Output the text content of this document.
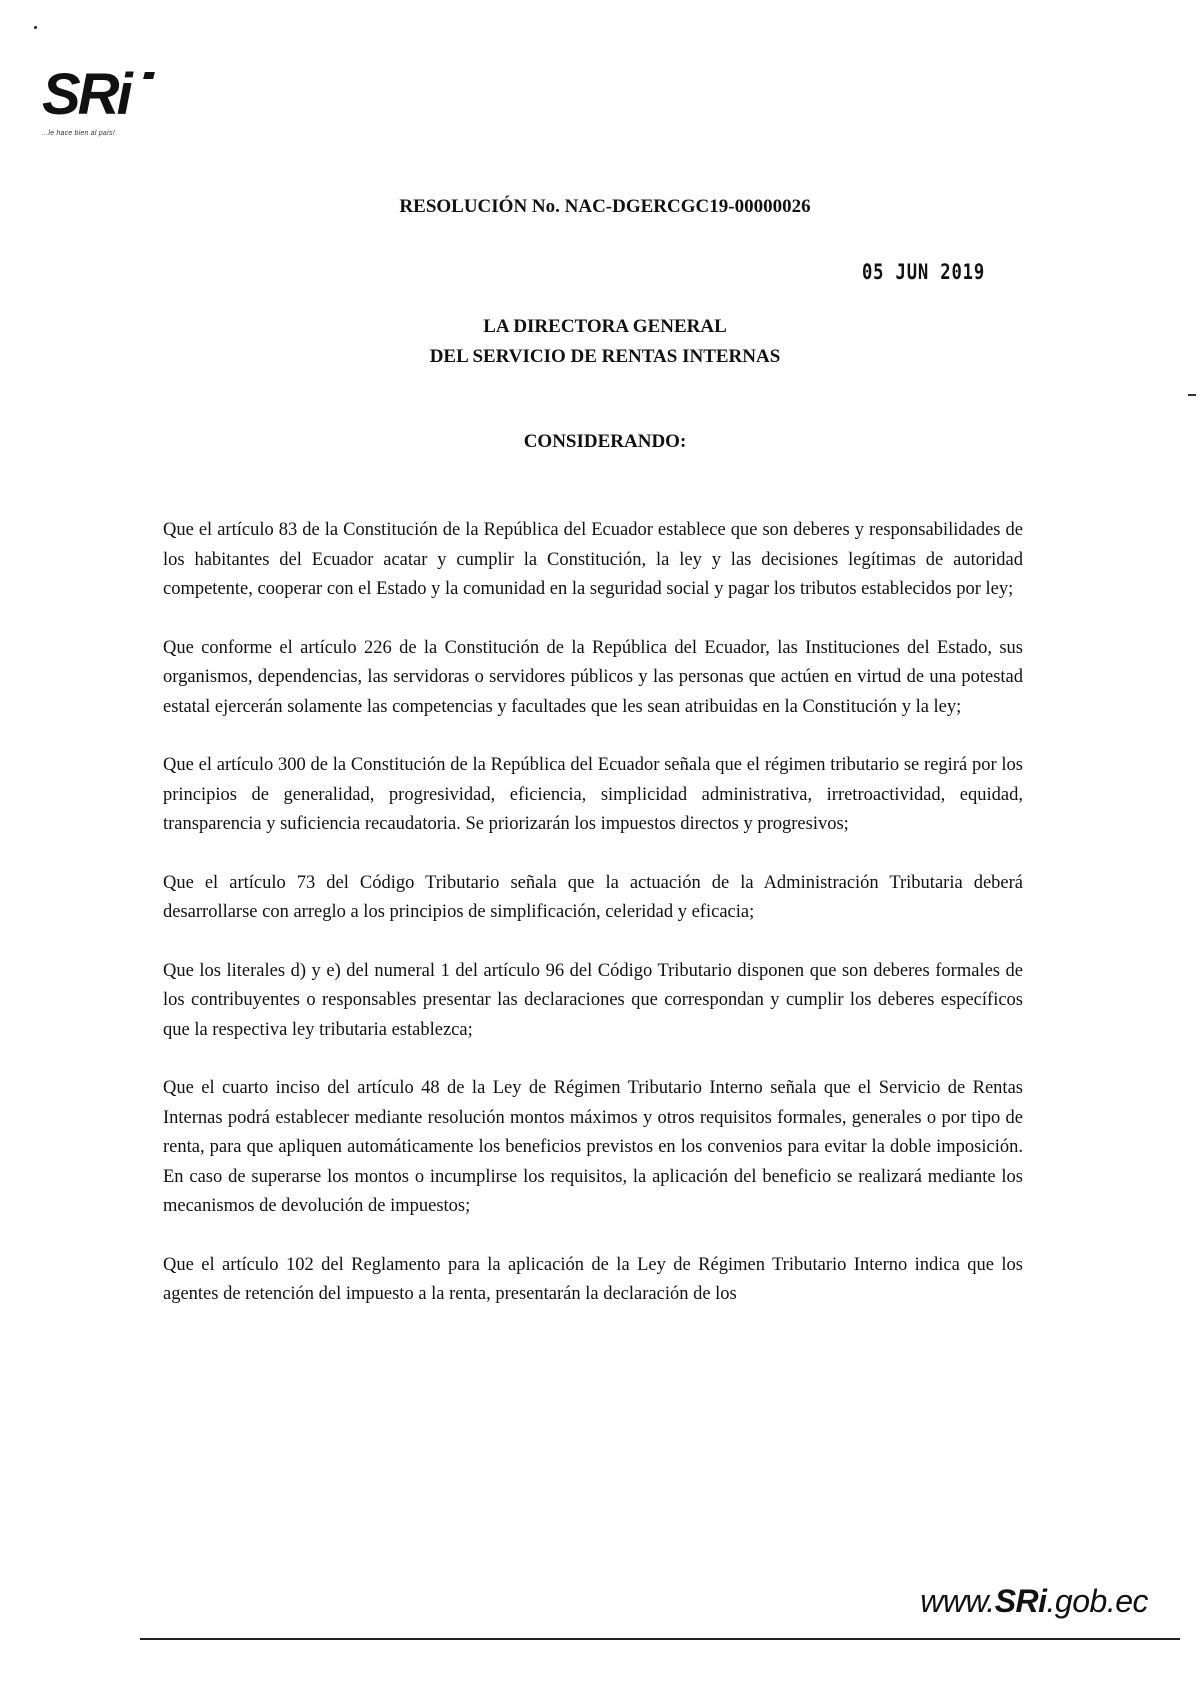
SRi
...le hace bien al país!
RESOLUCIÓN No. NAC-DGERCGC19-00000026
05 JUN 2019
LA DIRECTORA GENERAL
DEL SERVICIO DE RENTAS INTERNAS
CONSIDERANDO:

Que el artículo 83 de la Constitución de la República del Ecuador establece que son deberes y responsabilidades de los habitantes del Ecuador acatar y cumplir la Constitución, la ley y las decisiones legítimas de autoridad competente, cooperar con el Estado y la comunidad en la seguridad social y pagar los tributos establecidos por ley;

Que conforme el artículo 226 de la Constitución de la República del Ecuador, las Instituciones del Estado, sus organismos, dependencias, las servidoras o servidores públicos y las personas que actúen en virtud de una potestad estatal ejercerán solamente las competencias y facultades que les sean atribuidas en la Constitución y la ley;

Que el artículo 300 de la Constitución de la República del Ecuador señala que el régimen tributario se regirá por los principios de generalidad, progresividad, eficiencia, simplicidad administrativa, irretroactividad, equidad, transparencia y suficiencia recaudatoria. Se priorizarán los impuestos directos y progresivos;

Que el artículo 73 del Código Tributario señala que la actuación de la Administración Tributaria deberá desarrollarse con arreglo a los principios de simplificación, celeridad y eficacia;

Que los literales d) y e) del numeral 1 del artículo 96 del Código Tributario disponen que son deberes formales de los contribuyentes o responsables presentar las declaraciones que correspondan y cumplir los deberes específicos que la respectiva ley tributaria establezca;

Que el cuarto inciso del artículo 48 de la Ley de Régimen Tributario Interno señala que el Servicio de Rentas Internas podrá establecer mediante resolución montos máximos y otros requisitos formales, generales o por tipo de renta, para que apliquen automáticamente los beneficios previstos en los convenios para evitar la doble imposición. En caso de superarse los montos o incumplirse los requisitos, la aplicación del beneficio se realizará mediante los mecanismos de devolución de impuestos;

Que el artículo 102 del Reglamento para la aplicación de la Ley de Régimen Tributario Interno indica que los agentes de retención del impuesto a la renta, presentarán la declaración de los

www.SRi.gob.ec
